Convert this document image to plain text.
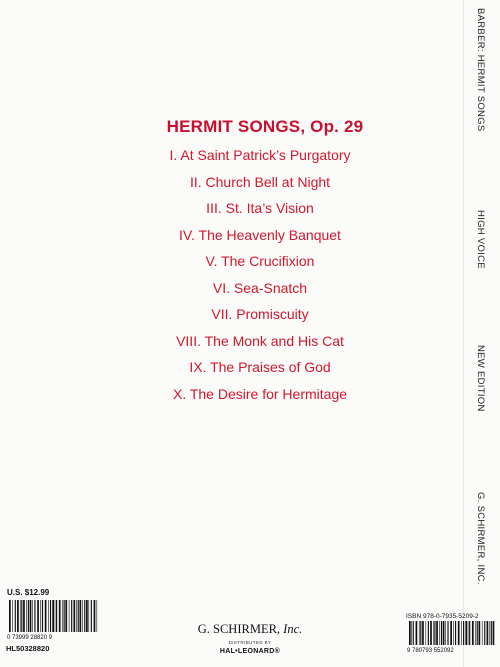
HERMIT SONGS, Op. 29
I. At Saint Patrick’s Purgatory
II. Church Bell at Night
III. St. Ita’s Vision
IV. The Heavenly Banquet
V. The Crucifixion
VI. Sea-Snatch
VII. Promiscuity
VIII. The Monk and His Cat
IX. The Praises of God
X. The Desire for Hermitage
BARBER: HERMIT SONGS
HIGH VOICE
NEW EDITION
G. SCHIRMER, INC.
U.S. $12.99
0 73999 28820 9
HL50328820
G. SCHIRMER, Inc.
DISTRIBUTED BY
HAL•LEONARD®
ISBN 978-0-7935-5209-2
9 780793 552092
